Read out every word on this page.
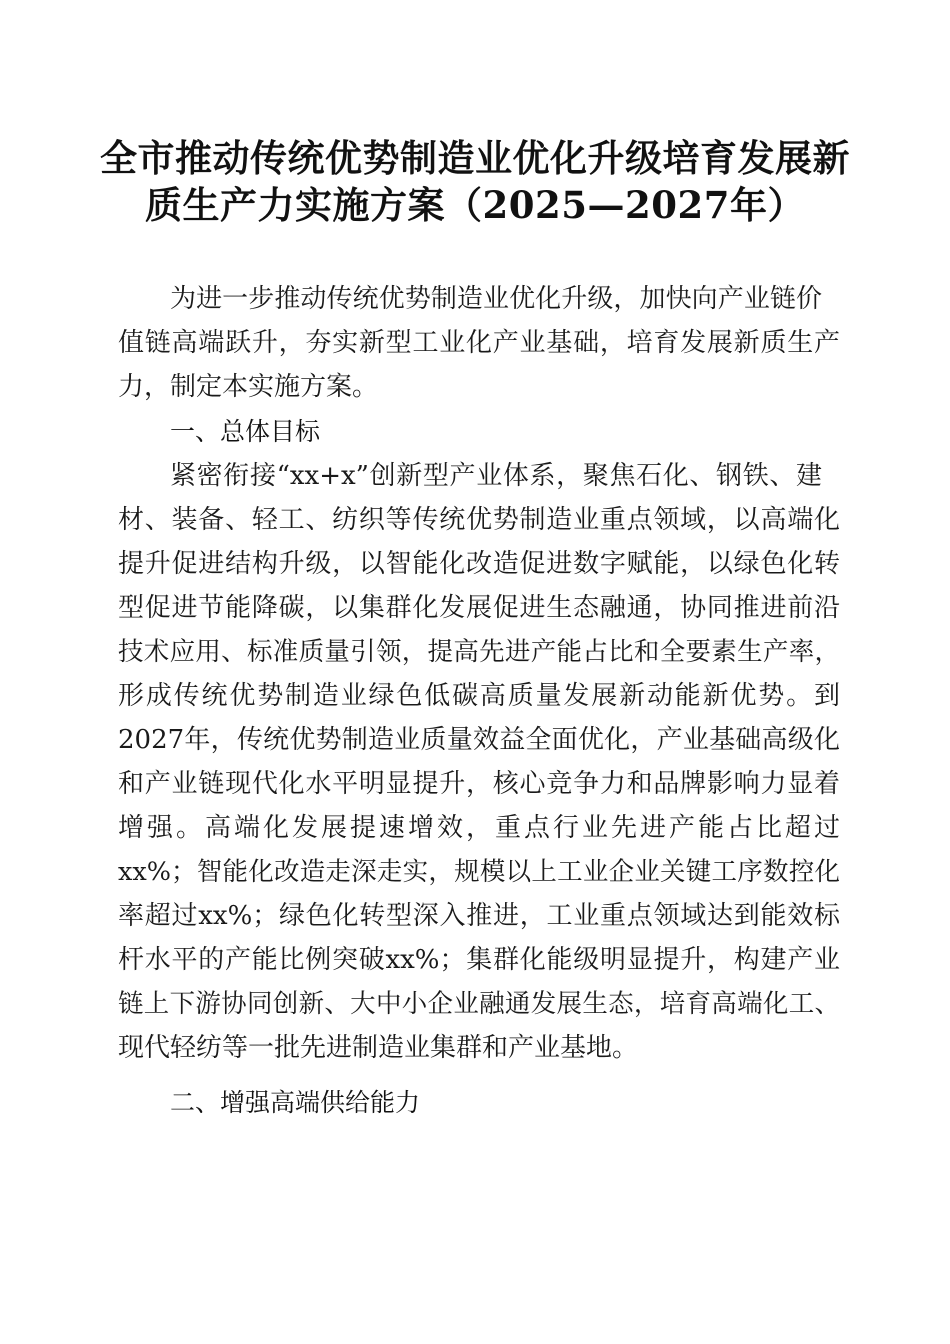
全市推动传统优势制造业优化升级培育发展新
质生产力实施方案（2025—2027年）
为进一步推动传统优势制造业优化升级，加快向产业链价
值链高端跃升，夯实新型工业化产业基础，培育发展新质生产
力，制定本实施方案。
一、总体目标
紧密衔接“xx+x”创新型产业体系，聚焦石化、钢铁、建
材、装备、轻工、纺织等传统优势制造业重点领域，以高端化
提升促进结构升级，以智能化改造促进数字赋能，以绿色化转
型促进节能降碳，以集群化发展促进生态融通，协同推进前沿
技术应用、标准质量引领，提高先进产能占比和全要素生产率，
形成传统优势制造业绿色低碳高质量发展新动能新优势。到
2027年，传统优势制造业质量效益全面优化，产业基础高级化
和产业链现代化水平明显提升，核心竞争力和品牌影响力显着
增强。高端化发展提速增效，重点行业先进产能占比超过
xx%；智能化改造走深走实，规模以上工业企业关键工序数控化
率超过xx%；绿色化转型深入推进，工业重点领域达到能效标
杆水平的产能比例突破xx%；集群化能级明显提升，构建产业
链上下游协同创新、大中小企业融通发展生态，培育高端化工、
现代轻纺等一批先进制造业集群和产业基地。
二、增强高端供给能力
